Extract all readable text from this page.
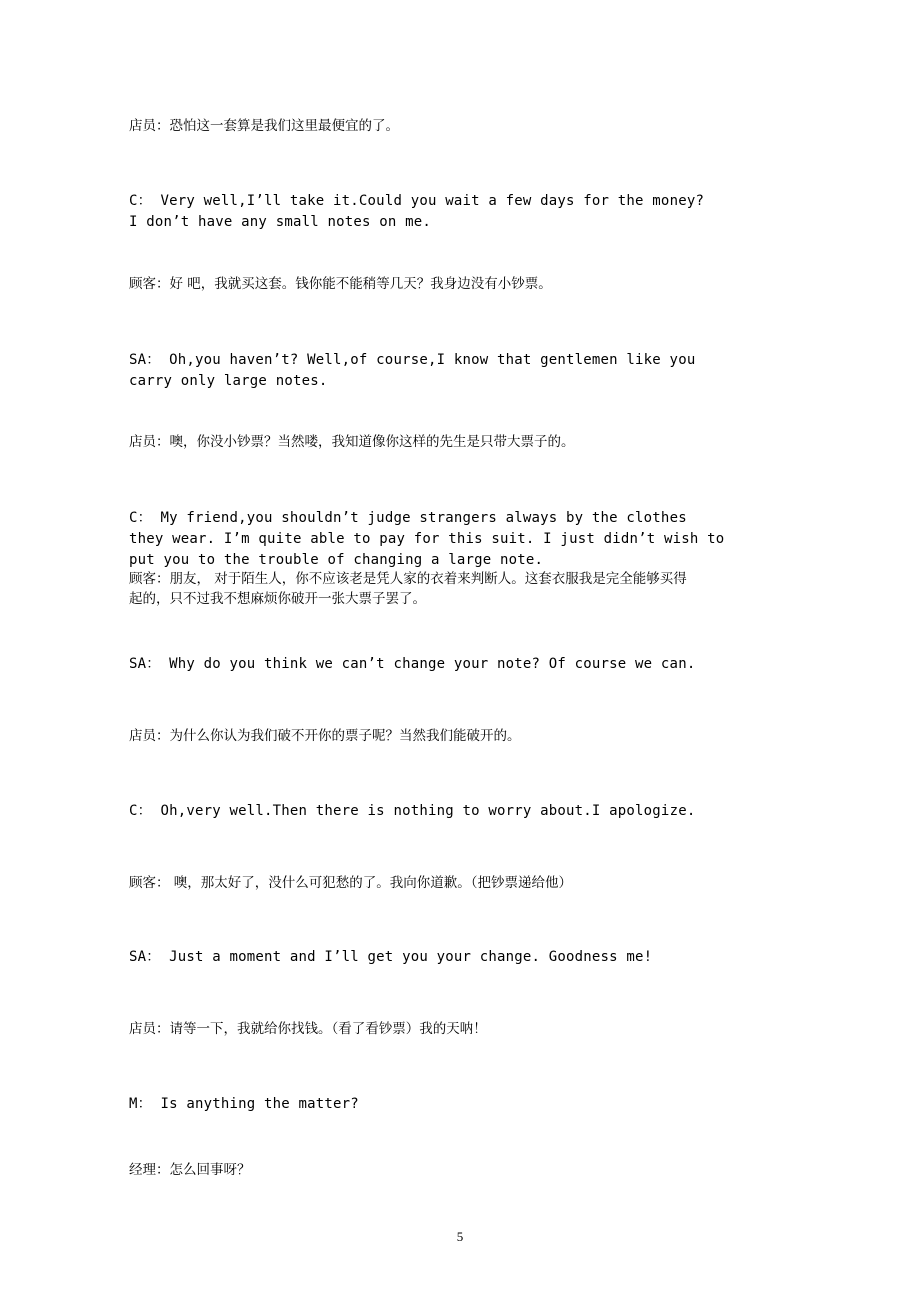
店员：恐怕这一套算是我们这里最便宜的了。
C： Very well,I’ll take it.Could you wait a few days for the money? I don’t have any small notes on me.
顾客：好 吧，我就买这套。钱你能不能稍等几天？我身边没有小钞票。
SA： Oh,you haven’t? Well,of course,I know that gentlemen like you carry only large notes.
店员：噢，你没小钞票？当然喽，我知道像你这样的先生是只带大票子的。
C： My friend,you shouldn’t judge strangers always by the clothes they wear. I’m quite able to pay for this suit. I just didn’t wish to put you to the trouble of changing a large note.
顾客：朋友， 对于陌生人，你不应该老是凭人家的衣着来判断人。这套衣服我是完全能够买得起的，只不过我不想麻烦你破开一张大票子罢了。
SA： Why do you think we can’t change your note? Of course we can.
店员：为什么你认为我们破不开你的票子呢？当然我们能破开的。
C： Oh,very well.Then there is nothing to worry about.I apologize.
顾客： 噢，那太好了，没什么可犯愁的了。我向你道歉。（把钞票递给他）
SA： Just a moment and I’ll get you your change. Goodness me!
店员：请等一下，我就给你找钱。（看了看钞票）我的天呐！
M： Is anything the matter?
经理：怎么回事呀？
5
